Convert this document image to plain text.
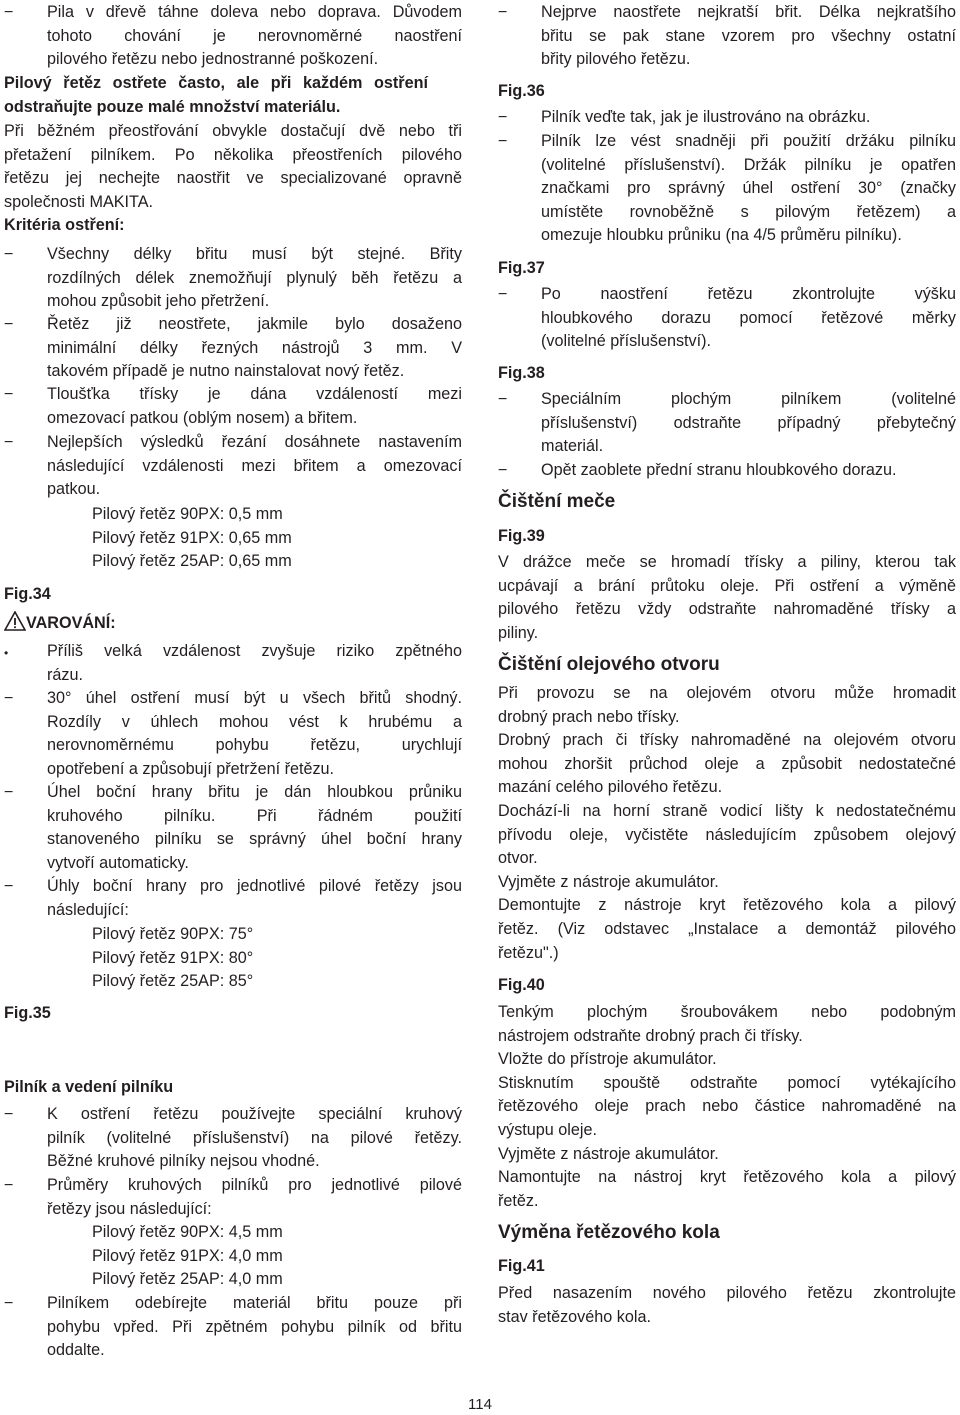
− Pila v dřevě táhne doleva nebo doprava. Důvodem
tohoto chování je nerovnoměrné naostření
pilového řetězu nebo jednostranné poškození.
Pilový řetěz ostřete často, ale při každém ostření
odstraňujte pouze malé množství materiálu.
Při běžném přeostřování obvykle dostačují dvě nebo tři
přetažení pilníkem. Po několika přeostřeních pilového
řetězu jej nechejte naostřit ve specializované opravně
společnosti MAKITA.
Kritéria ostření:
− Všechny délky břitu musí být stejné. Břity
rozdílných délek znemožňují plynulý běh řetězu a
mohou způsobit jeho přetržení.
− Řetěz již neostřete, jakmile bylo dosaženo
minimální délky řezných nástrojů 3 mm. V
takovém případě je nutno nainstalovat nový řetěz.
− Tloušťka třísky je dána vzdáleností mezi
omezovací patkou (oblým nosem) a břitem.
− Nejlepších výsledků řezání dosáhnete nastavením
následující vzdálenosti mezi břitem a omezovací
patkou.
Pilový řetěz 90PX: 0,5 mm
Pilový řetěz 91PX: 0,65 mm
Pilový řetěz 25AP: 0,65 mm
Fig.34
VAROVÁNÍ:
• Příliš velká vzdálenost zvyšuje riziko zpětného
rázu.
− 30° úhel ostření musí být u všech břitů shodný.
Rozdíly v úhlech mohou vést k hrubému a
nerovnoměrnému pohybu řetězu, urychlují
opotřebení a způsobují přetržení řetězu.
− Úhel boční hrany břitu je dán hloubkou průniku
kruhového pilníku. Při řádném použití
stanoveného pilníku se správný úhel boční hrany
vytvoří automaticky.
− Úhly boční hrany pro jednotlivé pilové řetězy jsou
následující:
Pilový řetěz 90PX: 75°
Pilový řetěz 91PX: 80°
Pilový řetěz 25AP: 85°
Fig.35
Pilník a vedení pilníku
− K ostření řetězu používejte speciální kruhový
pilník (volitelné příslušenství) na pilové řetězy.
Běžné kruhové pilníky nejsou vhodné.
− Průměry kruhových pilníků pro jednotlivé pilové
řetězy jsou následující:
Pilový řetěz 90PX: 4,5 mm
Pilový řetěz 91PX: 4,0 mm
Pilový řetěz 25AP: 4,0 mm
− Pilníkem odebírejte materiál břitu pouze při
pohybu vpřed. Při zpětném pohybu pilník od břitu
oddalte.
− Nejprve naostřete nejkratší břit. Délka nejkratšího
břitu se pak stane vzorem pro všechny ostatní
břity pilového řetězu.
Fig.36
− Pilník veďte tak, jak je ilustrováno na obrázku.
− Pilník lze vést snadněji při použití držáku pilníku
(volitelné příslušenství). Držák pilníku je opatřen
značkami pro správný úhel ostření 30° (značky
umístěte rovnoběžně s pilovým řetězem) a
omezuje hloubku průniku (na 4/5 průměru pilníku).
Fig.37
− Po naostření řetězu zkontrolujte výšku
hloubkového dorazu pomocí řetězové měrky
(volitelné příslušenství).
Fig.38
− Speciálním plochým pilníkem (volitelné
příslušenství) odstraňte případný přebytečný
materiál.
− Opět zaoblete přední stranu hloubkového dorazu.
Čištění meče
Fig.39
V drážce meče se hromadí třísky a piliny, kterou tak
ucpávají a brání průtoku oleje. Při ostření a výměně
pilového řetězu vždy odstraňte nahromaděné třísky a
piliny.
Čištění olejového otvoru
Při provozu se na olejovém otvoru může hromadit
drobný prach nebo třísky.
Drobný prach či třísky nahromaděné na olejovém otvoru
mohou zhoršit průchod oleje a způsobit nedostatečné
mazání celého pilového řetězu.
Dochází-li na horní straně vodicí lišty k nedostatečnému
přívodu oleje, vyčistěte následujícím způsobem olejový
otvor.
Vyjměte z nástroje akumulátor.
Demontujte z nástroje kryt řetězového kola a pilový
řetěz. (Viz odstavec „Instalace a demontáž pilového
řetězu".)
Fig.40
Tenkým plochým šroubovákem nebo podobným
nástrojem odstraňte drobný prach či třísky.
Vložte do přístroje akumulátor.
Stisknutím spouště odstraňte pomocí vytékajícího
řetězového oleje prach nebo částice nahromaděné na
výstupu oleje.
Vyjměte z nástroje akumulátor.
Namontujte na nástroj kryt řetězového kola a pilový
řetěz.
Výměna řetězového kola
Fig.41
Před nasazením nového pilového řetězu zkontrolujte
stav řetězového kola.
114
